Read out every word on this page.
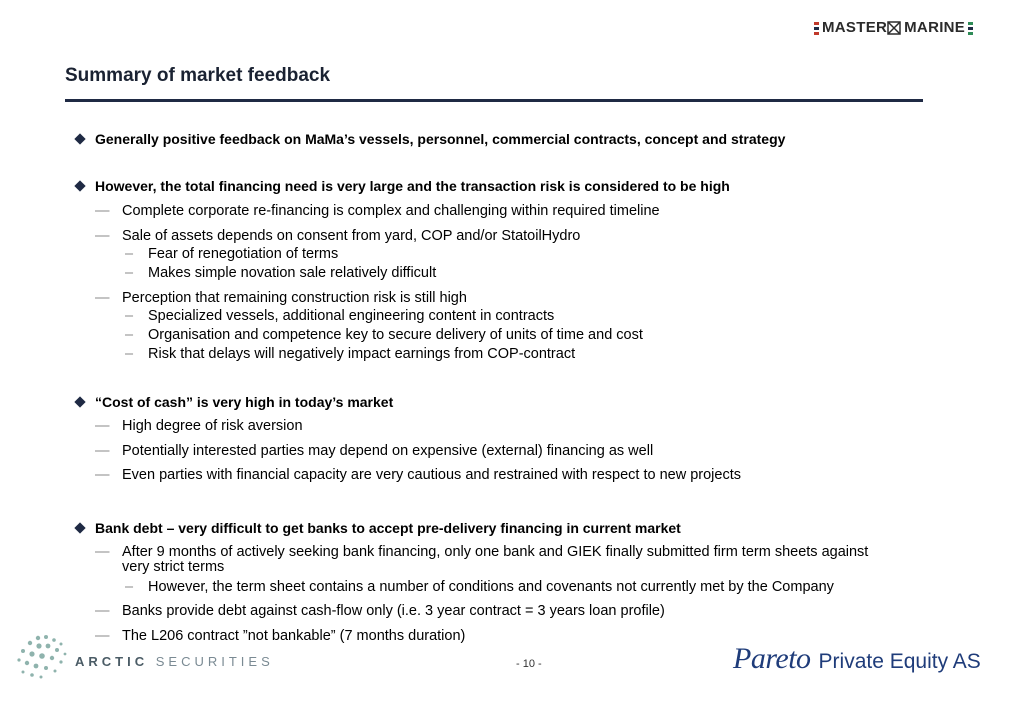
MASTER MARINE
Summary of market feedback
Generally positive feedback on MaMa’s vessels, personnel, commercial contracts, concept and strategy
However, the total financing need is very large and the transaction risk is considered to be high
— Complete corporate re-financing is complex and challenging within required timeline
— Sale of assets depends on consent from yard, COP and/or StatoilHydro
– Fear of renegotiation of terms
– Makes simple novation sale relatively difficult
— Perception that remaining construction risk is still high
– Specialized vessels, additional engineering content in contracts
– Organisation and competence key to secure delivery of units of time and cost
– Risk that delays will negatively impact earnings from COP-contract
“Cost of cash” is very high in today’s market
— High degree of risk aversion
— Potentially interested parties may depend on expensive (external) financing as well
— Even parties with financial capacity are very cautious and restrained with respect to new projects
Bank debt – very difficult to get banks to accept pre-delivery financing in current market
— After 9 months of actively seeking bank financing, only one bank and GIEK finally submitted firm term sheets against very strict terms
– However, the term sheet contains a number of conditions and covenants not currently met by the Company
— Banks provide debt against cash-flow only (i.e. 3 year contract = 3 years loan profile)
— The L206 contract ”not bankable” (7 months duration)
ARCTIC SECURITIES	- 10 -	Pareto Private Equity AS
